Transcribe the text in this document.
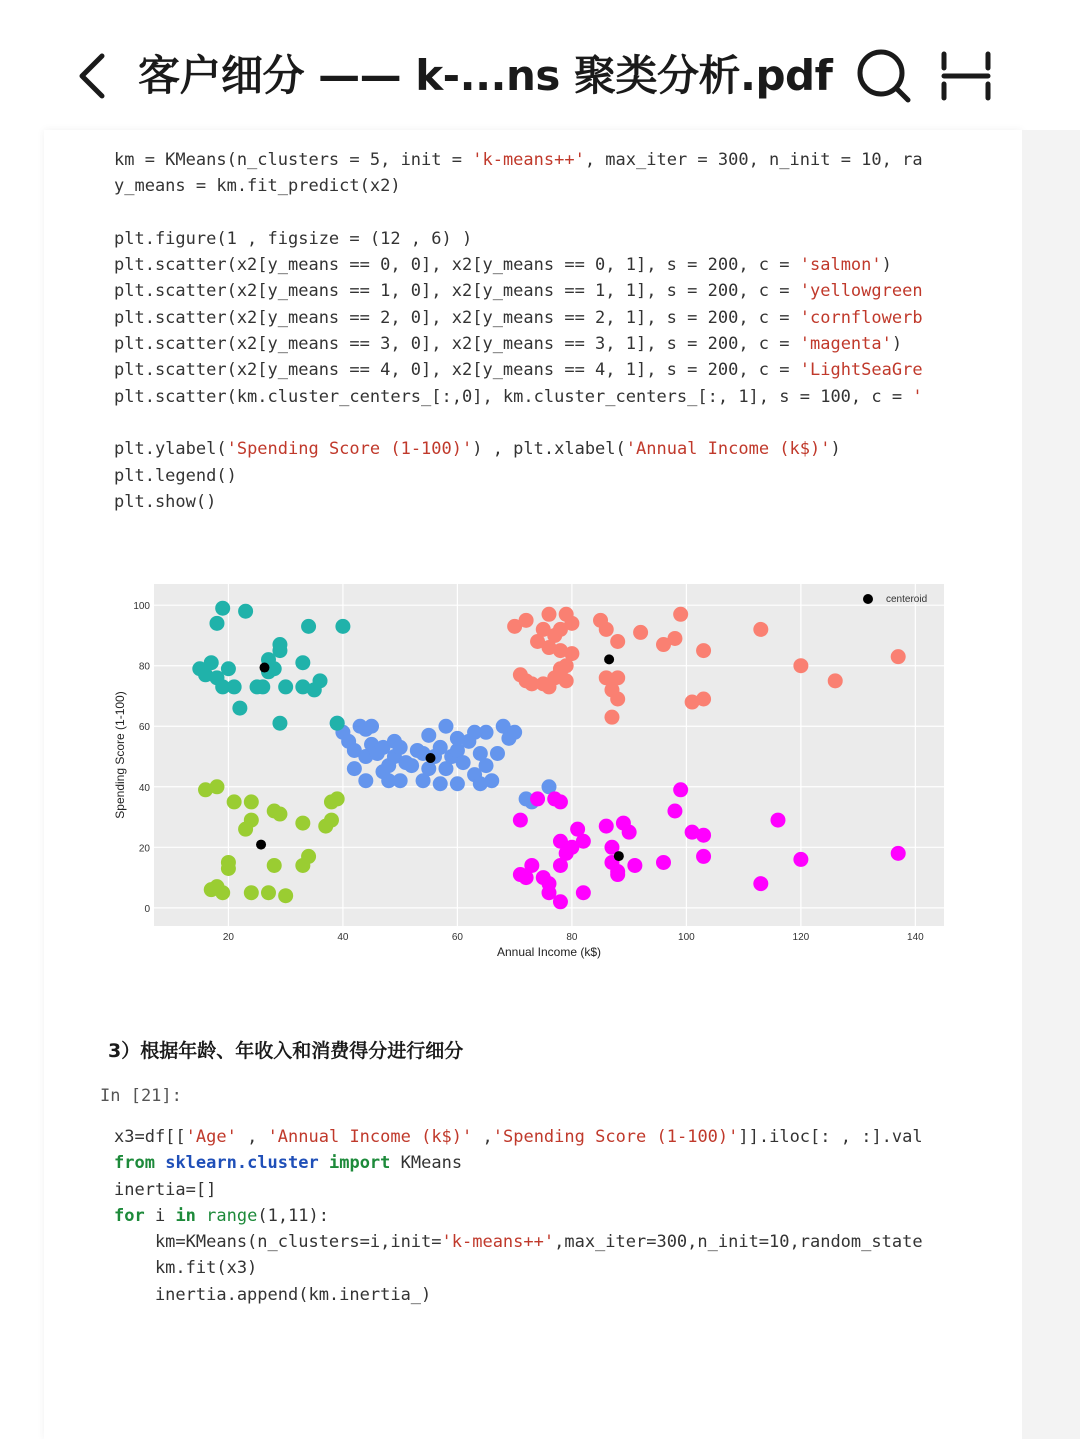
客户细分 —— k-...ns 聚类分析.pdf
km = KMeans(n_clusters = 5, init = 'k-means++', max_iter = 300, n_init = 10, ra
y_means = km.fit_predict(x2)

plt.figure(1 , figsize = (12 , 6) )
plt.scatter(x2[y_means == 0, 0], x2[y_means == 0, 1], s = 200, c = 'salmon')
plt.scatter(x2[y_means == 1, 0], x2[y_means == 1, 1], s = 200, c = 'yellowgreen
plt.scatter(x2[y_means == 2, 0], x2[y_means == 2, 1], s = 200, c = 'cornflowerb
plt.scatter(x2[y_means == 3, 0], x2[y_means == 3, 1], s = 200, c = 'magenta')
plt.scatter(x2[y_means == 4, 0], x2[y_means == 4, 1], s = 200, c = 'LightSeaGre
plt.scatter(km.cluster_centers_[:,0], km.cluster_centers_[:, 1], s = 100, c = '

plt.ylabel('Spending Score (1-100)') , plt.xlabel('Annual Income (k$)')
plt.legend()
plt.show()
20	40	60	80	100	120	140
0
20
40
60
80
100
Annual Income (k$)
Spending Score (1-100)
centeroid
3）根据年龄、年收入和消费得分进行细分
In [21]:
x3=df[['Age' , 'Annual Income (k$)' ,'Spending Score (1-100)']].iloc[: , :].val
from sklearn.cluster import KMeans
inertia=[]
for i in range(1,11):
km=KMeans(n_clusters=i,init='k-means++',max_iter=300,n_init=10,random_state
km.fit(x3)
inertia.append(km.inertia_)
